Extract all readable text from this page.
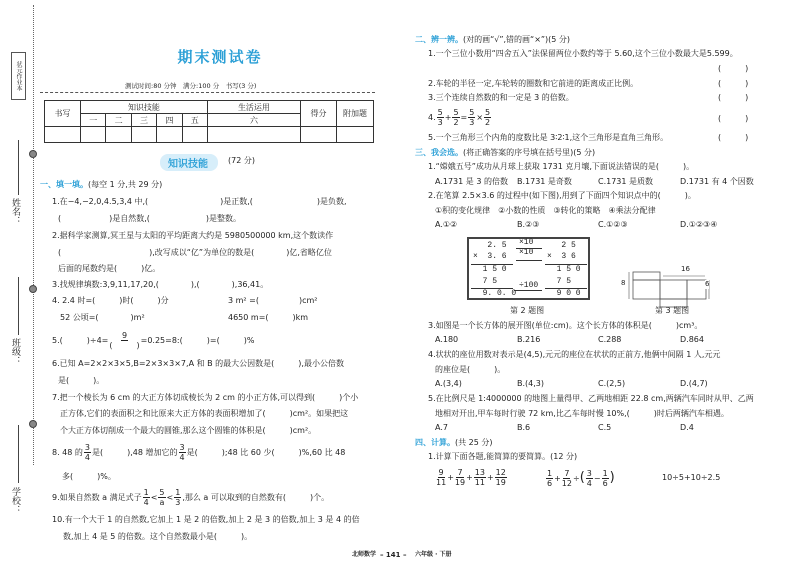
状元作业本
姓名：
班级：
学校：
期末测试卷
测试时间:80 分钟　满分:100 分　书写(3 分)
书写	知识技能					生活运用	得分	附加题
	一	二	三	四	五	六		

知识技能	(72 分)
一、填一填。(每空 1 分,共 29 分)
1.在−4,−2,0,4.5,3,4 中,(　　　　　　　　　)是正数,(　　　　　　　　)是负数,
(　　　　　　)是自然数,(　　　　　　　)是整数。
2.据科学家测算,冥王星与太阳的平均距离大约是 5980500000 km,这个数读作
(　　　　　　　　　　　),改写成以“亿”为单位的数是(　　　　)亿,省略亿位
后面的尾数约是(　　　)亿。
3.找规律填数:3,9,11,17,20,(　　　　),(　　　　),36,41。
4. 2.4 时=(　　　)时(　　　)分	3 m² =(　　　　　)cm²
52 公顷=(　　　　)m²	4650 m=(　　　)km
5.(　　　)÷4=
9
(　　　)
=0.25=8:(　　　)=(　　　)%
6.已知 A=2×2×3×5,B=2×3×3×7,A 和 B 的最大公因数是(　　　),最小公倍数
是(　　　)。
7.把一个棱长为 6 cm 的大正方体切成棱长为 2 cm 的小正方体,可以得到(　　　)个小
正方体,它们的表面积之和比原来大正方体的表面积增加了(　　　)cm²。如果把这
个大正方体切削成一个最大的圆锥,那么这个圆锥的体积是(　　　)cm²。
8. 48 的 $\frac{3}{4}$ 是(　　　),48 增加它的 $\frac{3}{4}$ 是(　　　);48 比 60 少(　　　)%,60 比 48
多(　　　)%。
9.如果自然数 a 满足式子 $\frac{1}{4} < \frac{5}{a} < \frac{1}{3}$ ,那么 a 可以取到的自然数有(　　　)个。
10.有一个大于 1 的自然数,它加上 1 是 2 的倍数,加上 2 是 3 的倍数,加上 3 是 4 的倍
数,加上 4 是 5 的倍数。这个自然数最小是(　　　)。
二、辨一辨。(对的画“√”,错的画“×”)(5 分)
1.一个三位小数用“四舍五入”法保留两位小数约等于 5.60,这个三位小数最大是5.599。
(　　　)
2.车轮的半径一定,车轮转的圈数和它前进的距离成正比例。	(　　　)
3.三个连续自然数的和一定是 3 的倍数。	(　　　)
4. $\frac{5}{3} + \frac{5}{2} = \frac{5}{3} \times \frac{5}{2}$	(　　　)
5.一个三角形三个内角的度数比是 3∶2∶1,这个三角形是直角三角形。	(　　　)
三、我会选。(将正确答案的序号填在括号里)(5 分)
1.“嫦娥五号”成功从月球上获取 1731 克月壤,下面说法错误的是(　　　)。
A.1731 是 3 的倍数 B.1731 是奇数	C.1731 是质数	D.1731 有 4 个因数
2.在笔算 2.5×3.6 的过程中(如下图),用到了下面四个知识点中的(　　　)。
①积的变化规律　②小数的性质　③转化的策略　④乘法分配律
A.①②	B.②③	C.①②③	D.①②③④
2. 5
×  3. 6
1 5 0
7 5
9. 0. 0
2 5
×  3 6
1 5 0
7 5
9 0 0
×10
×10
÷100
第 2 题图
16
8	6
第 3 题图
3.如图是一个长方体的展开图(单位:cm)。这个长方体的体积是(　　　)cm³。
A.180	B.216	C.288	D.864
4.状状的座位用数对表示是(4,5),元元的座位在状状的正前方,他俩中间隔 1 人,元元
的座位是(　　　)。
A.(3,4)	B.(4,3)	C.(2,5)	D.(4,7)
5.在比例尺是 1:4000000 的地图上量得甲、乙两地相距 22.8 cm,两辆汽车同时从甲、乙两
地相对开出,甲车每时行驶 72 km,比乙车每时慢 10%,(　　　)时后两辆汽车相遇。
A.7	B.6	C.5	D.4
四、计算。(共 25 分)
1.计算下面各题,能简算的要简算。(12 分)
$\frac{9}{11} + \frac{7}{19} + \frac{13}{11} + \frac{12}{19}$	$\frac{1}{6} + \frac{7}{12}$ ÷( $\frac{3}{4} - \frac{1}{6}$ )	10÷5+10÷2.5
北师数学 – 141 – 六年级 · 下册
